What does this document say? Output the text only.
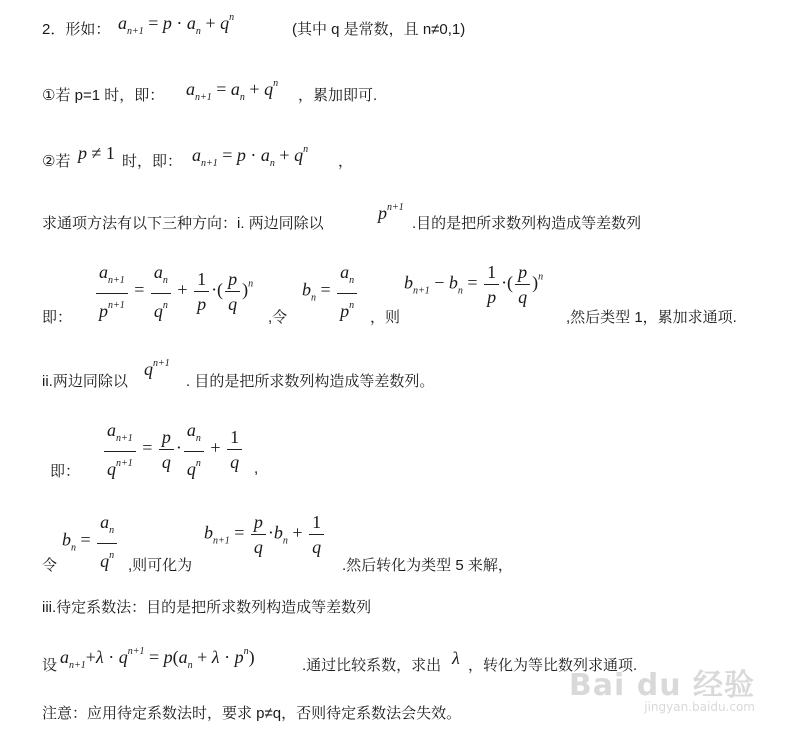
2．形如： $a_{n+1} = p \cdot a_n + q^n$
(其中 q 是常数，且 n≠0,1)
①若 p=1 时，即： $a_{n+1} = a_n + q^n$
，累加即可.
②若 p ≠ 1 时，即： $a_{n+1} = p \cdot a_n + q^n$
，
求通项方法有以下三种方向：i. 两边同除以
$p^{n+1}$
.目的是把所求数列构造成等差数列
即： $\frac{a_{n+1}}{p^{n+1}} = \frac{a_n}{q^n} + \frac{1}{p}$ ·( $\frac{p}{q} )^n$
,令
$b_n = \frac{a_n}{p^n}$ ，则
$b_{n+1} - b_n = \frac{1}{p}$ ·( $\frac{p}{q} )^n$
,然后类型 1，累加求通项.
ii.两边同除以
$q^{n+1}$
. 目的是把所求数列构造成等差数列。
即： $\frac{a_{n+1}}{q^{n+1}} = \frac{p}{q} \cdot \frac{a_n}{q^n} + \frac{1}{q}$ ,
令
$b_n = \frac{a_n}{q^n}$ ,则可化为
$b_{n+1} = \frac{p}{q} \cdot b_n + \frac{1}{q}$
.然后转化为类型 5 来解，
iii.待定系数法：目的是把所求数列构造成等差数列
设 $a_{n+1}+\lambda \cdot q^{n+1} = p(a_n + \lambda \cdot p^n)$	.通过比较系数，求出 λ ，转化为等比数列求通项.
注意：应用待定系数法时，要求 p≠q，否则待定系数法会失效。
Bai du 经验
jingyan.baidu.com
